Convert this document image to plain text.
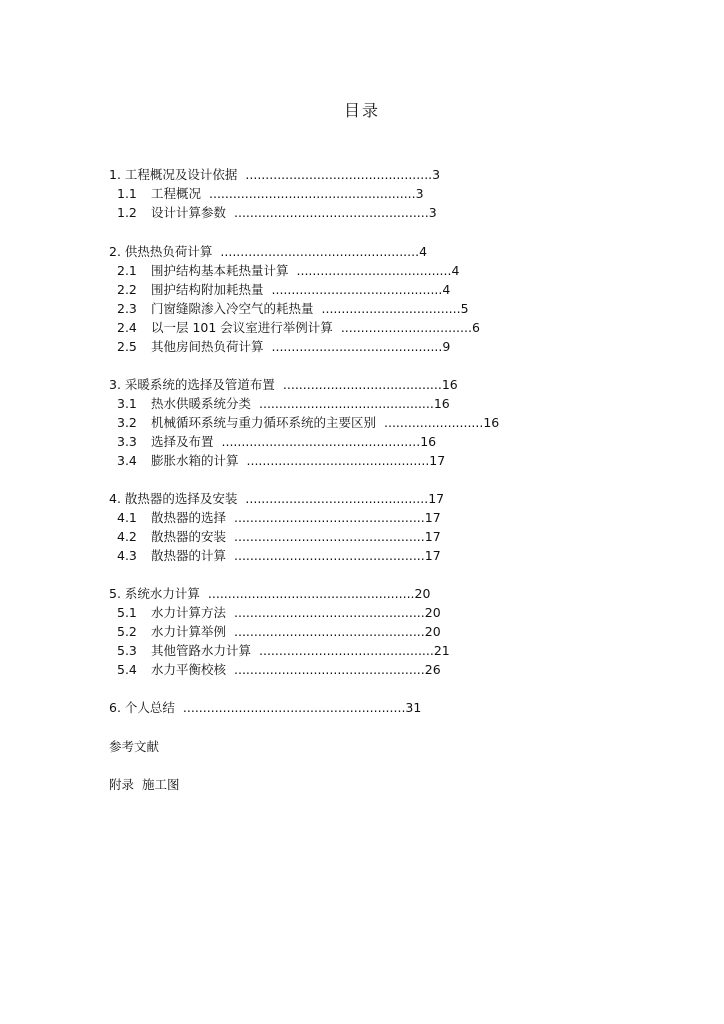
目录
1. 工程概况及设计依据 ...............................................3
1.1 工程概况 ....................................................3
1.2 设计计算参数 .................................................3
2. 供热热负荷计算 ..................................................4
2.1 围护结构基本耗热量计算 .......................................4
2.2 围护结构附加耗热量 ...........................................4
2.3 门窗缝隙渗入冷空气的耗热量 ...................................5
2.4 以一层 101 会议室进行举例计算 .................................6
2.5 其他房间热负荷计算 ...........................................9
3. 采暖系统的选择及管道布置 ........................................16
3.1 热水供暖系统分类 ............................................16
3.2 机械循环系统与重力循环系统的主要区别 .........................16
3.3 选择及布置 ..................................................16
3.4 膨胀水箱的计算 ..............................................17
4. 散热器的选择及安装 ..............................................17
4.1 散热器的选择 ................................................17
4.2 散热器的安装 ................................................17
4.3 散热器的计算 ................................................17
5. 系统水力计算 ....................................................20
5.1 水力计算方法 ................................................20
5.2 水力计算举例 ................................................20
5.3 其他管路水力计算 ............................................21
5.4 水力平衡校核 ................................................26
6. 个人总结 ........................................................31
参考文献
附录 施工图
